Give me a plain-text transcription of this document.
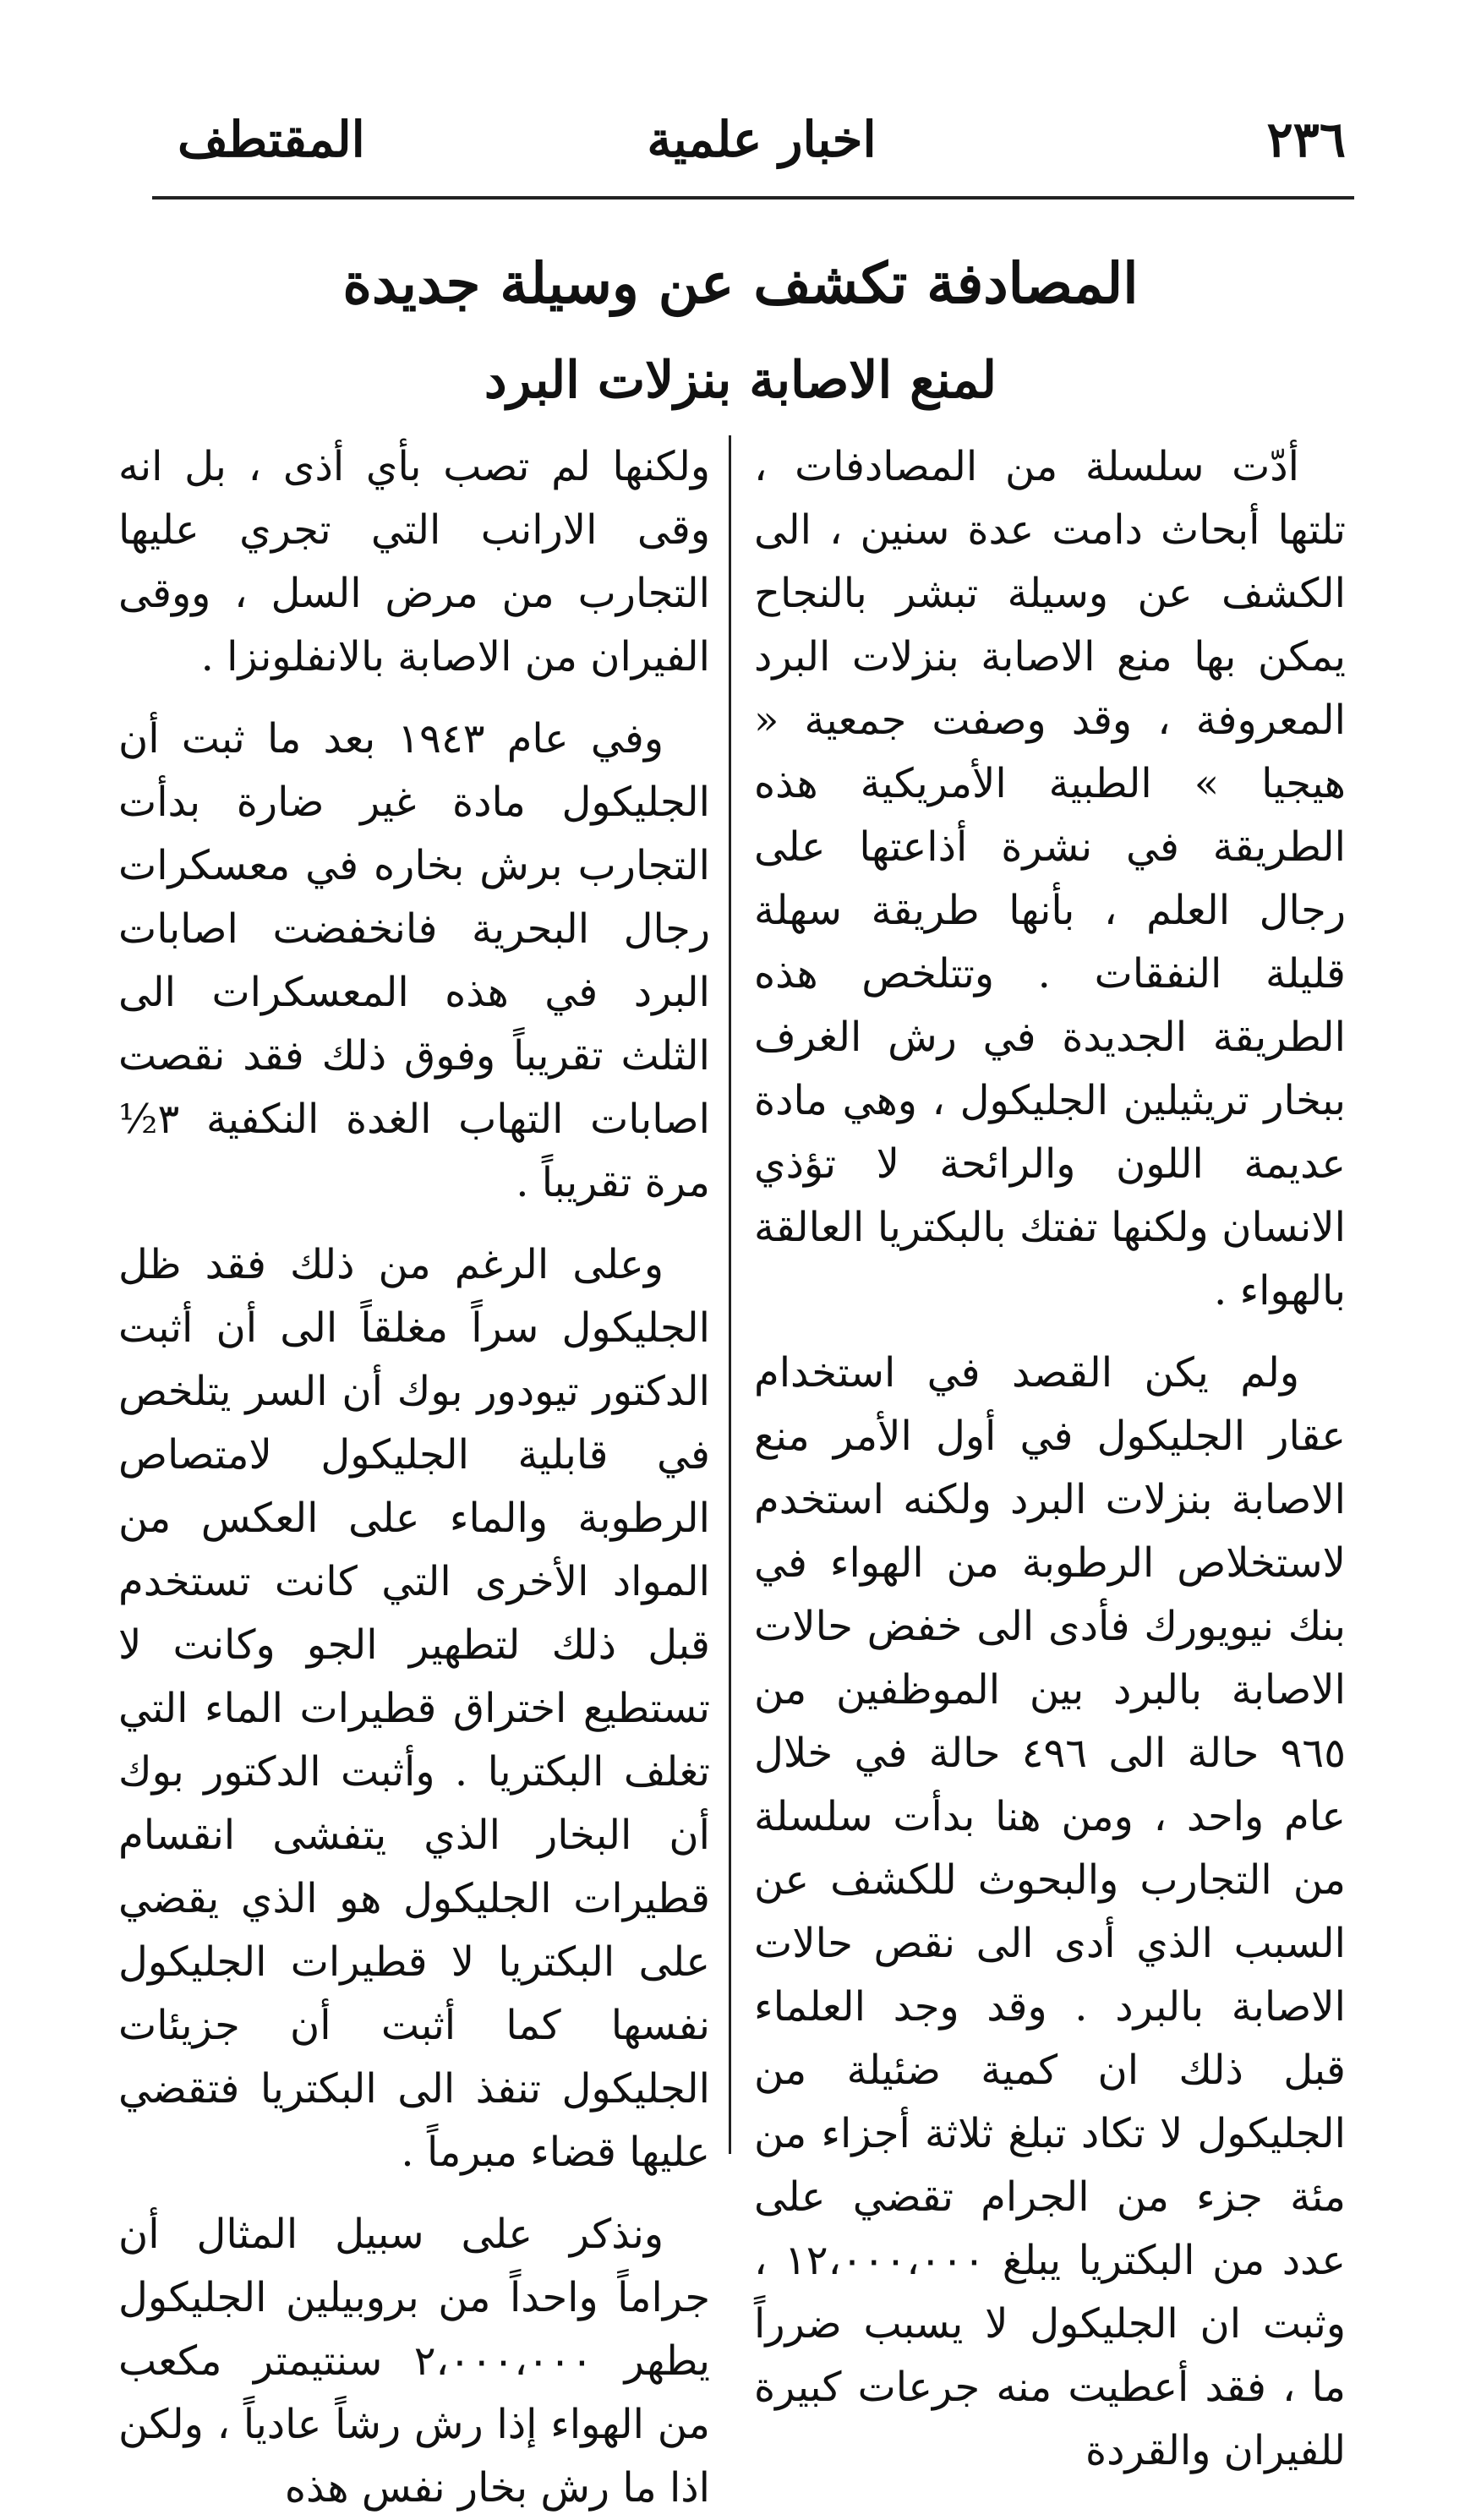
٢٣٦
اخبار علمية
المقتطف
المصادفة تكشف عن وسيلة جديدة
لمنع الاصابة بنزلات البرد

أدّت سلسلة من المصادفات ، تلتها أبحاث دامت عدة سنين ، الى الكشف عن وسيلة تبشر بالنجاح يمكن بها منع الاصابة بنزلات البرد المعروفة ، وقد وصفت جمعية « هيجيا » الطبية الأمريكية هذه الطريقة في نشرة أذاعتها على رجال العلم ، بأنها طريقة سهلة قليلة النفقات . وتتلخص هذه الطريقة الجديدة في رش الغرف ببخار تريثيلين الجليكول ، وهي مادة عديمة اللون والرائحة لا تؤذي الانسان ولكنها تفتك بالبكتريا العالقة بالهواء .

ولم يكن القصد في استخدام عقار الجليكول في أول الأمر منع الاصابة بنزلات البرد ولكنه استخدم لاستخلاص الرطوبة من الهواء في بنك نيويورك فأدى الى خفض حالات الاصابة بالبرد بين الموظفين من ٩٦٥ حالة الى ٤٩٦ حالة في خلال عام واحد ، ومن هنا بدأت سلسلة من التجارب والبحوث للكشف عن السبب الذي أدى الى نقص حالات الاصابة بالبرد . وقد وجد العلماء قبل ذلك ان كمية ضئيلة من الجليكول لا تكاد تبلغ ثلاثة أجزاء من مئة جزء من الجرام تقضي على عدد من البكتريا يبلغ ١٢،٠٠٠،٠٠٠ ، وثبت ان الجليكول لا يسبب ضرراً ما ، فقد أعطيت منه جرعات كبيرة للفيران والقردة

ولكنها لم تصب بأي أذى ، بل انه وقى الارانب التي تجري عليها التجارب من مرض السل ، ووقى الفيران من الاصابة بالانفلونزا .

وفي عام ١٩٤٣ بعد ما ثبت أن الجليكول مادة غير ضارة بدأت التجارب برش بخاره في معسكرات رجال البحرية فانخفضت اصابات البرد في هذه المعسكرات الى الثلث تقريباً وفوق ذلك فقد نقصت اصابات التهاب الغدة النكفية ٣½ مرة تقريباً .

وعلى الرغم من ذلك فقد ظل الجليكول سراً مغلقاً الى أن أثبت الدكتور تيودور بوك أن السر يتلخص في قابلية الجليكول لامتصاص الرطوبة والماء على العكس من المواد الأخرى التي كانت تستخدم قبل ذلك لتطهير الجو وكانت لا تستطيع اختراق قطيرات الماء التي تغلف البكتريا . وأثبت الدكتور بوك أن البخار الذي يتفشى انقسام قطيرات الجليكول هو الذي يقضي على البكتريا لا قطيرات الجليكول نفسها كما أثبت أن جزيئات الجليكول تنفذ الى البكتريا فتقضي عليها قضاء مبرماً .

ونذكر على سبيل المثال أن جراماً واحداً من بروبيلين الجليكول يطهر ٢،٠٠٠،٠٠٠ سنتيمتر مكعب من الهواء إذا رش رشاً عادياً ، ولكن اذا ما رش بخار نفس هذه
